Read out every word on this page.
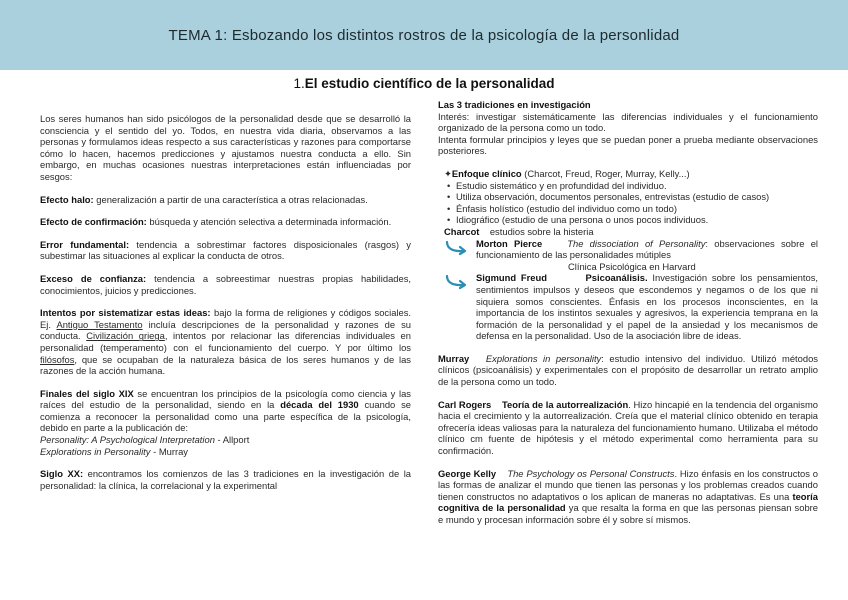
TEMA 1: Esbozando los distintos rostros de la psicología de la personlidad
1.El estudio científico de la personalidad

Los seres humanos han sido psicólogos de la personalidad desde que se desarrolló la consciencia y el sentido del yo. Todos, en nuestra vida diaria, observamos a las personas y formulamos ideas respecto a sus características y razones para comportarse cómo lo hacen, hacemos predicciones y ajustamos nuestra conducta a ello. Sin embargo, en muchas ocasiones nuestras interpretaciones están influenciadas por sesgos:

Efecto halo: generalización a partir de una característica a otras relacionadas.

Efecto de confirmación: búsqueda y atención selectiva a determinada información.

Error fundamental: tendencia a sobrestimar factores disposicionales (rasgos) y subestimar las situaciones al explicar la conducta de otros.

Exceso de confianza: tendencia a sobreestimar nuestras propias habilidades, conocimientos, juicios y predicciones.

Intentos por sistematizar estas ideas: bajo la forma de religiones y códigos sociales. Ej. Antiguo Testamento incluía descripciones de la personalidad y razones de su conducta. Civilización griega, intentos por relacionar las diferencias individuales en personalidad (temperamento) con el funcionamiento del cuerpo. Y por último los filósofos, que se ocupaban de la naturaleza básica de los seres humanos y de las razones de la acción humana.

Finales del siglo XIX se encuentran los principios de la psicología como ciencia y las raíces del estudio de la personalidad, siendo en la década del 1930 cuando se comienza a reconocer la personalidad como una parte específica de la psicología, debido en parte a la publicación de:
Personality: A Psychological Interpretation - Allport
Explorations in Personality - Murray

Siglo XX: encontramos los comienzos de las 3 tradiciones en la investigación de la personalidad: la clínica, la correlacional y la experimental

Las 3 tradiciones en investigación

Interés: investigar sistemáticamente las diferencias individuales y el funcionamiento organizado de la persona como un todo.

Intenta formular principios y leyes que se puedan poner a prueba mediante observaciones posteriores.

✦Enfoque clínico (Charcot, Freud, Roger, Murray, Kelly...)

• Estudio sistemático y en profundidad del individuo.
• Utiliza observación, documentos personales, entrevistas (estudio de casos)
• Énfasis holístico (estudio del individuo como un todo)
• Idiográfico (estudio de una persona o unos pocos individuos.

Charcot estudios sobre la histeria

Morton Pierce	The dissociation of Personality: observaciones sobre el funcionamiento de las personalidades mútiples

Clínica Psicológica en Harvard

Sigmund Freud	Psicoanálisis. Investigación sobre los pensamientos, sentimientos impulsos y deseos que escondemos y negamos o de los que ni siquiera somos conscientes. Énfasis en los procesos inconscientes, en la importancia de los instintos sexuales y agresivos, la experiencia temprana en la formación de la personalidad y el papel de la ansiedad y los mecanismos de defensa en la personalidad. Uso de la asociación libre de ideas.

Murray Explorations in personality: estudio intensivo del individuo. Utilizó métodos clínicos (psicoanálisis) y experimentales con el propósito de desarrollar un retrato amplio de la persona como un todo.

Carl Rogers Teoría de la autorrealización. Hizo hincapié en la tendencia del organismo hacia el crecimiento y la autorrealización. Creía que el material clínico obtenido en terapia ofrecería ideas valiosas para la naturaleza del funcionamiento humano. Utilizaba el método clínico cm fuente de hipótesis y el método experimental como herramienta para su confirmación.

George Kelly The Psychology os Personal Constructs. Hizo énfasis en los constructos o las formas de analizar el mundo que tienen las personas y los problemas creados cuando tienen constructos no adaptativos o los aplican de maneras no adaptativas. Es una teoría cognitiva de la personalidad ya que resalta la forma en que las personas piensan sobre e mundo y procesan información sobre él y sobre sí mismos.
